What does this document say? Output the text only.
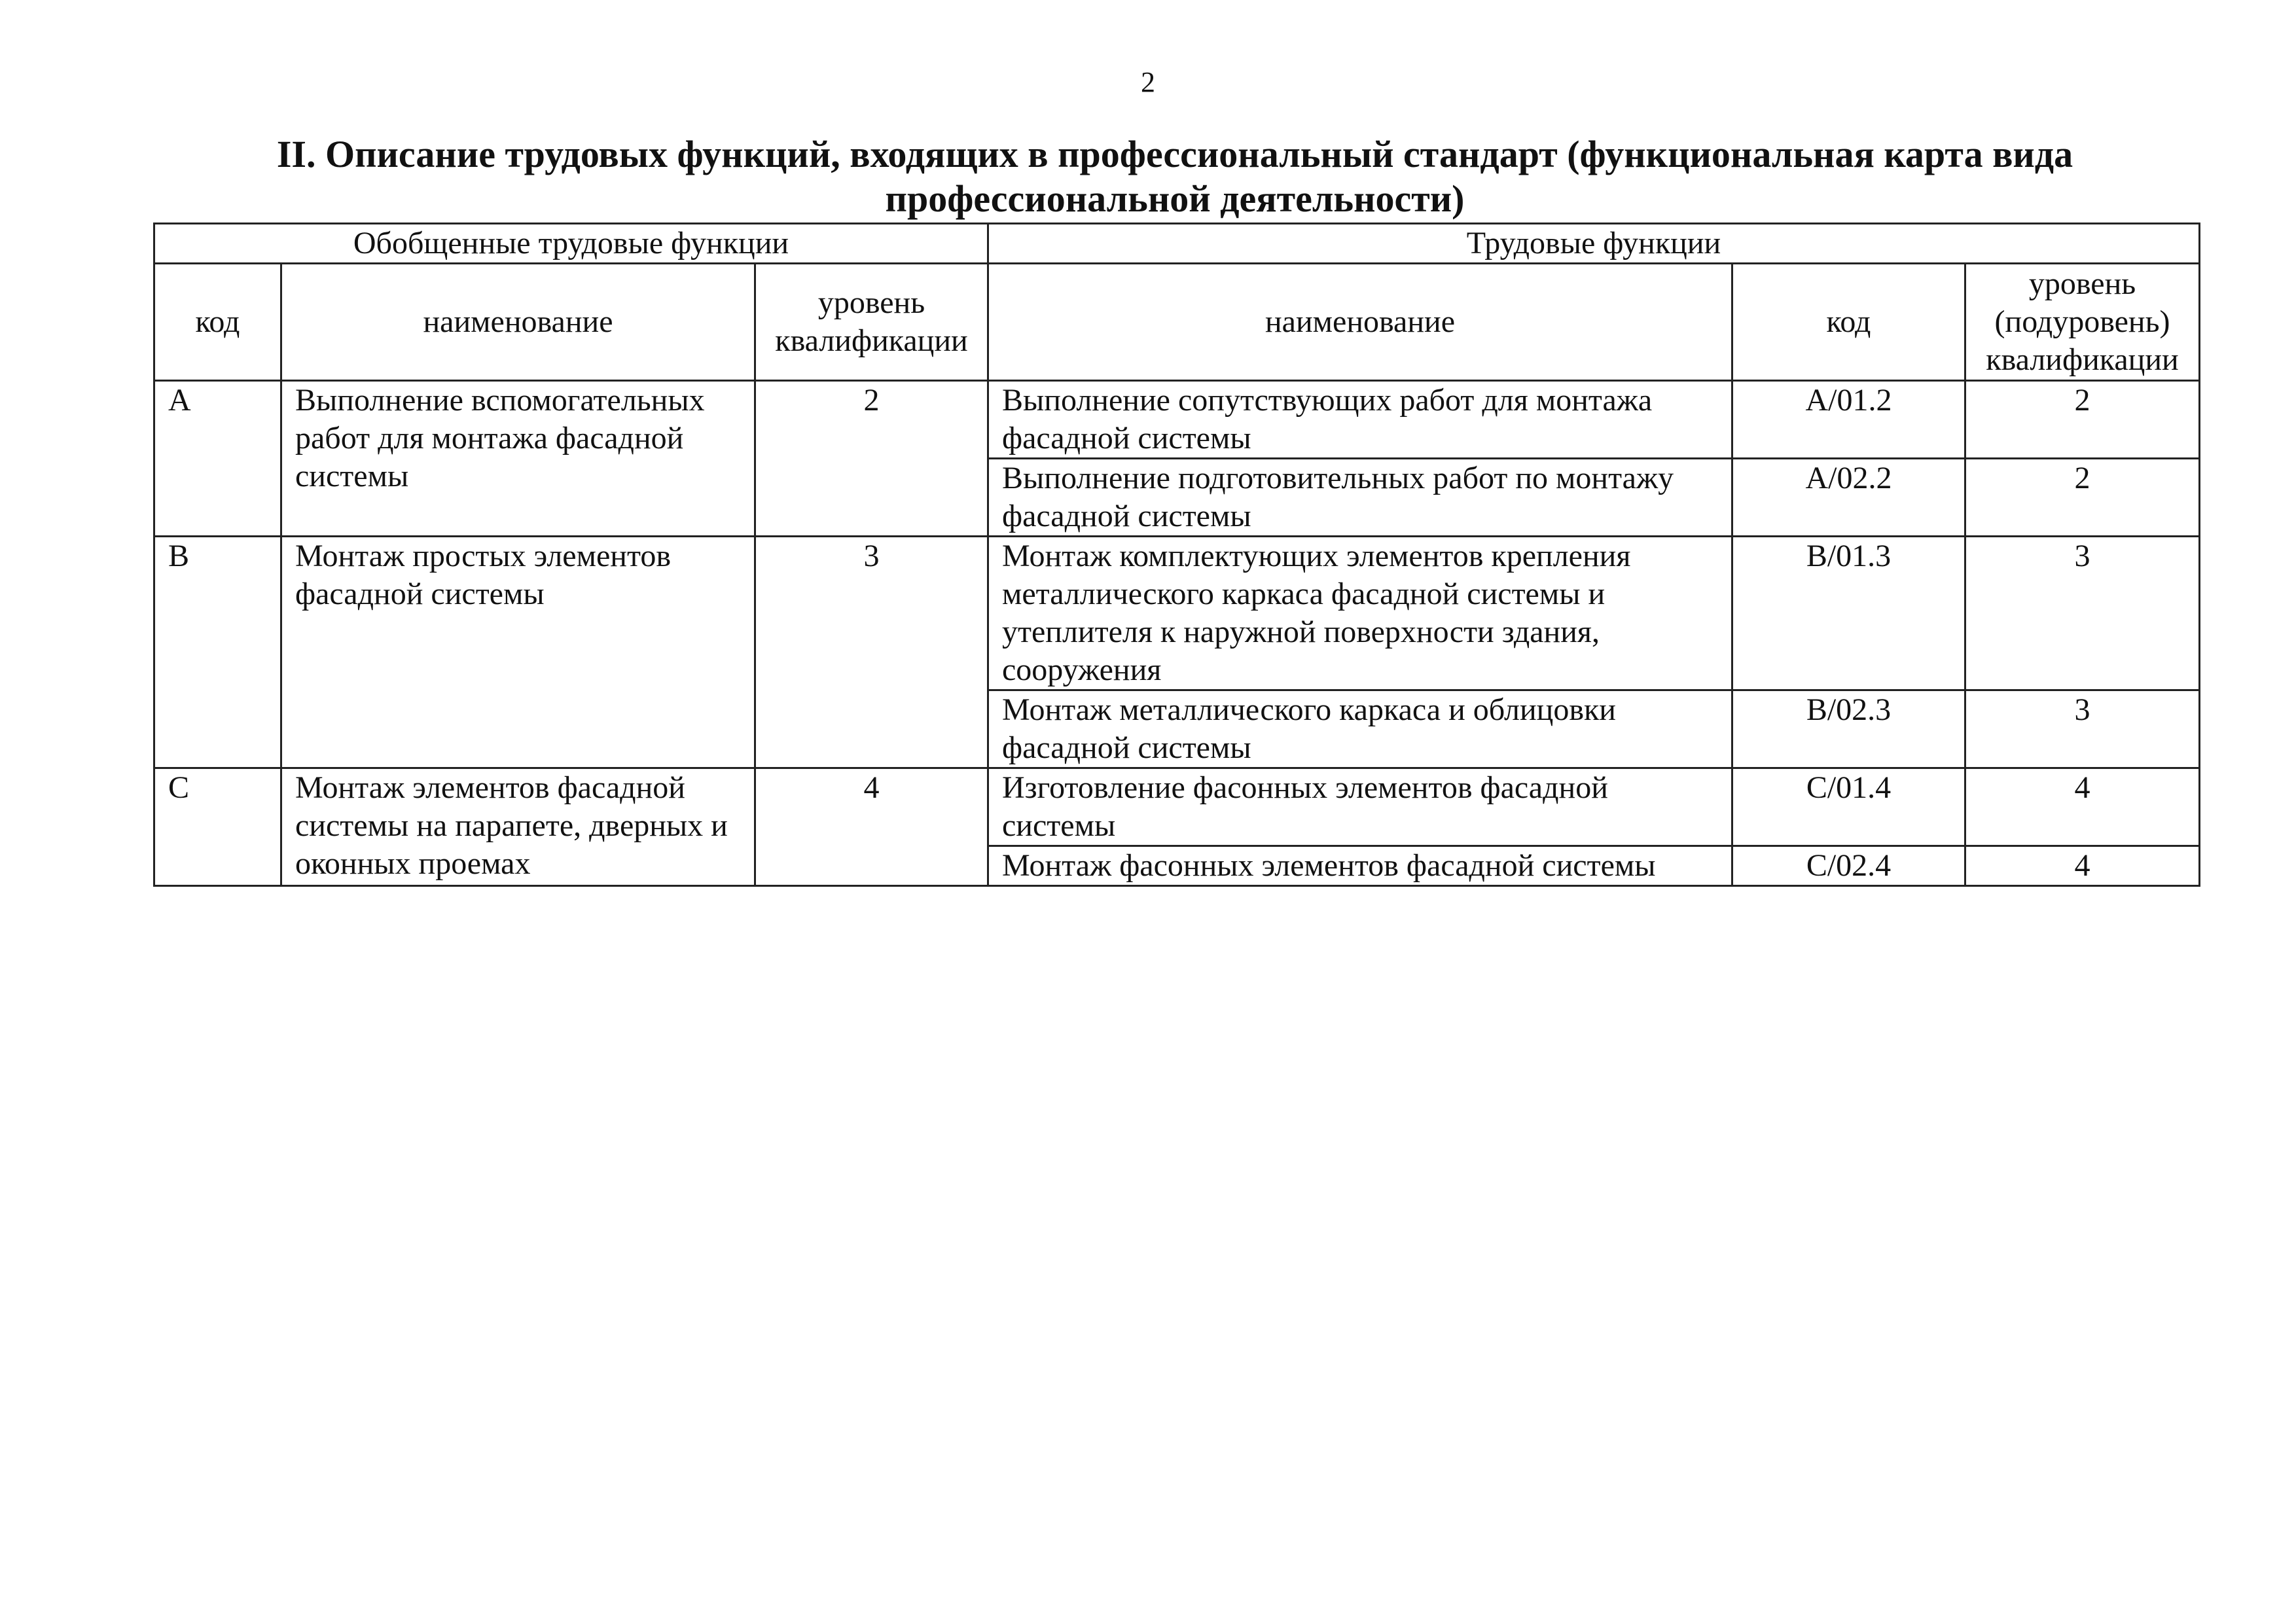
2
II. Описание трудовых функций, входящих в профессиональный стандарт (функциональная карта вида
профессиональной деятельности)
Обобщенные трудовые функции			Трудовые функции		
код	наименование	уровень квалификации	наименование	код	уровень (подуровень) квалификации
A	Выполнение вспомогательных работ для монтажа фасадной системы	2	Выполнение сопутствующих работ для монтажа фасадной системы	A/01.2	2
			Выполнение подготовительных работ по монтажу фасадной системы	A/02.2	2
B	Монтаж простых элементов фасадной системы	3	Монтаж комплектующих элементов крепления металлического каркаса фасадной системы и утеплителя к наружной поверхности здания, сооружения	B/01.3	3
			Монтаж металлического каркаса и облицовки фасадной системы	B/02.3	3
C	Монтаж элементов фасадной системы на парапете, дверных и оконных проемах	4	Изготовление фасонных элементов фасадной системы	C/01.4	4
			Монтаж фасонных элементов фасадной системы	C/02.4	4
